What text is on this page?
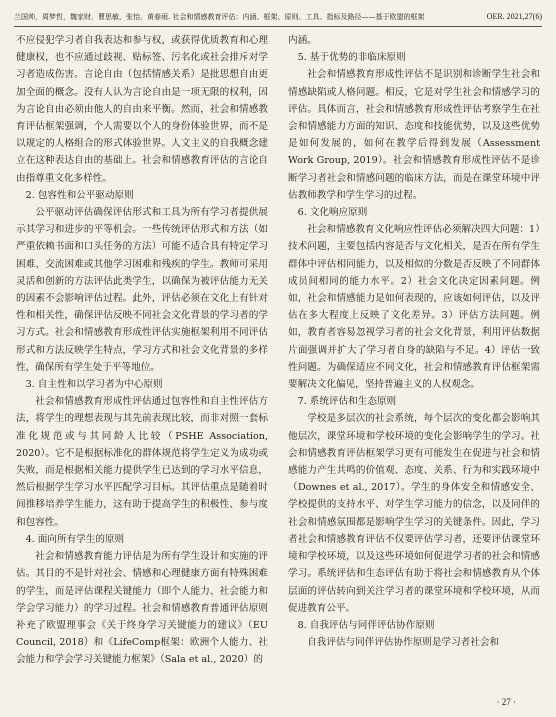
兰国帅，周梦哲，魏家财，曹思敏，张怡，黄春雨. 社会和情感教育评估：内涵、框架、原则、工具、指标及路径——基于欧盟的框架	OER. 2021,27(6)

不应侵犯学习者自我表达和参与权，或获得优质教育和心理健康权，也不应通过歧视、贴标签、污名化或社会排斥对学习者造成伤害。言论自由（包括情感关系）是批思想自由更加全面的概念。没有人认为言论自由是一项无限的权利，因为言论自由必须由他人的自由来平衡。然而，社会和情感教育评估框架强调，个人需要以个人的身份体验世界，而不是以规定的人格组合的形式体验世界。人文主义的自我概念建立在这种表达自由的基础上。社会和情感教育评估的言论自由指尊重文化多样性。

2. 包容性和公平驱动原则

公平驱动评估确保评估形式和工具为所有学习者提供展示其学习和进步的平等机会。一些传统评估形式和方法（如严重依赖书面和口头任务的方法）可能不适合具有特定学习困难、交流困难或其他学习困难和残疾的学生。教师可采用灵活和创新的方法评估此类学生，以确保为被评估能力无关的因素不会影响评估过程。此外，评估必须在文化上有针对性和相关性，确保评估反映不同社会文化背景的学习者的学习方式。社会和情感教育形成性评估实施框架利用不同评估形式和方法反映学生特点，学习方式和社会文化背景的多样性，确保所有学生处于平等地位。

3. 自主性和以学习者为中心原则

社会和情感教育形成性评估通过包容性和自主性评估方法，将学生的理想表现与其先前表现比较，而非对照一套标准化规范或与其同龄人比较（PSHE Association, 2020）。它不是根据标准化的群体规范将学生定义为成功或失败，而是根据相关能力提供学生已达到的学习水平信息，然后根据学生学习水平匹配学习目标。其评估重点是随着时间推移培养学生能力，这有助于提高学生的积极性、参与度和包容性。

4. 面向所有学生的原则

社会和情感教育能力评估是为所有学生设计和实施的评估。其目的不是针对社会、情感和心理健康方面有特殊困难的学生，而是评估课程关键能力（即个人能力、社会能力和学会学习能力）的学习过程。社会和情感教育普通评估原则补充了欧盟理事会《关于终身学习关键能力的建议》（EU Council, 2018）和《LifeComp框架：欧洲个人能力、社会能力和学会学习关键能力框架》（Sala et al., 2020）的

内涵。

5. 基于优势的非临床原则

社会和情感教育形成性评估不是识别和诊断学生社会和情感缺陷或人格问题。相反，它是对学生社会和情感学习的评估。具体而言，社会和情感教育形成性评估考察学生在社会和情感能力方面的知识、态度和技能优势，以及这些优势是如何发展的，如何在教学后得到发展（Assessment Work Group, 2019）。社会和情感教育形成性评估不是诊断学习者社会和情感问题的临床方法，而是在课堂环境中评估教师教学和学生学习的过程。

6. 文化响应原则

社会和情感教育文化响应性评估必须解决四大问题：1）技术问题，主要包括内容是否与文化相关，是否在所有学生群体中评估相同能力，以及相似的分数是否反映了不同群体成员间相同的能力水平。2）社会文化决定因素问题。例如，社会和情感能力是如何表现的，应该如何评估，以及评估在多大程度上反映了文化差异。3）评估方法问题。例如，教育者容易忽视学习者的社会文化背景，利用评估数据片面强调并扩大了学习者自身的缺陷与不足。4）评估一致性问题。为确保适应不同文化，社会和情感教育评估框架需要解决文化偏见，坚持普遍主义的人权观念。

7. 系统评估和生态原则

学校是多层次的社会系统，每个层次的变化都会影响其他层次，课堂环境和学校环境的变化会影响学生的学习。社会和情感教育评估框架学习更有可能发生在促进与社会和情感能力产生共鸣的价值观、态度、关系、行为和实践环境中（Downes et al., 2017）。学生的身体安全和情感安全、学校提供的支持水平、对学生学习能力的信念，以及同伴的社会和情感氛围都是影响学生学习的关键条件。因此，学习者社会和情感教育评估不仅要评估学习者，还要评估课堂环境和学校环境，以及这些环境如何促进学习者的社会和情感学习。系统评估和生态评估有助于将社会和情感教育从个体层面的评估转向到关注学习者的课堂环境和学校环境，从而促进教育公平。

8. 自我评估与同伴评估协作原则

自我评估与同伴评估协作原则是学习者社会和

· 27 ·
